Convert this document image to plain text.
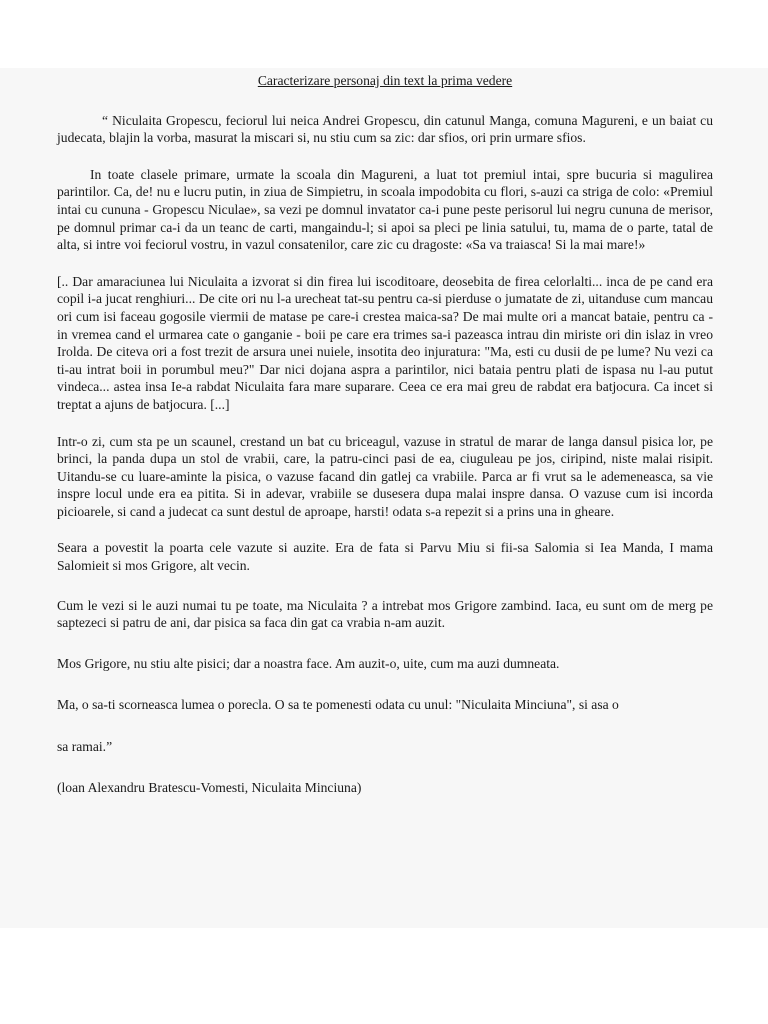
Caracterizare personaj din text la prima vedere

“ Niculaita Gropescu, feciorul lui neica Andrei Gropescu, din catunul Manga, comuna Magureni, e un baiat cu judecata, blajin la vorba, masurat la miscari si, nu stiu cum sa zic: dar sfios, ori prin urmare sfios.

In toate clasele primare, urmate la scoala din Magureni, a luat tot premiul intai, spre bucuria si magulirea parintilor. Ca, de! nu e lucru putin, in ziua de Simpietru, in scoala impodobita cu flori, s-auzi ca striga de colo: «Premiul intai cu cununa - Gropescu Niculae», sa vezi pe domnul invatator ca-i pune peste perisorul lui negru cununa de merisor, pe domnul primar ca-i da un teanc de carti, mangaindu-l; si apoi sa pleci pe linia satului, tu, mama de o parte, tatal de alta, si intre voi feciorul vostru, in vazul consatenilor, care zic cu dragoste: «Sa va traiasca! Si la mai mare!»

[.. Dar amaraciunea lui Niculaita a izvorat si din firea lui iscoditoare, deosebita de firea celorlalti... inca de pe cand era copil i-a jucat renghiuri... De cite ori nu l-a urecheat tat-su pentru ca-si pierduse o jumatate de zi, uitanduse cum mancau ori cum isi faceau gogosile viermii de matase pe care-i crestea maica-sa? De mai multe ori a mancat bataie, pentru ca - in vremea cand el urmarea cate o ganganie - boii pe care era trimes sa-i pazeasca intrau din miriste ori din islaz in vreo Irolda. De citeva ori a fost trezit de arsura unei nuiele, insotita deo injuratura: "Ma, esti cu dusii de pe lume? Nu vezi ca ti-au intrat boii in porumbul meu?" Dar nici dojana aspra a parintilor, nici bataia pentru plati de ispasa nu l-au putut vindeca... astea insa Ie-a rabdat Niculaita fara mare suparare. Ceea ce era mai greu de rabdat era batjocura. Ca incet si treptat a ajuns de batjocura. [...]

Intr-o zi, cum sta pe un scaunel, crestand un bat cu briceagul, vazuse in stratul de marar de langa dansul pisica lor, pe brinci, la panda dupa un stol de vrabii, care, la patru-cinci pasi de ea, ciuguleau pe jos, ciripind, niste malai risipit. Uitandu-se cu luare-aminte la pisica, o vazuse facand din gatlej ca vrabiile. Parca ar fi vrut sa le ademeneasca, sa vie inspre locul unde era ea pitita. Si in adevar, vrabiile se dusesera dupa malai inspre dansa. O vazuse cum isi incorda picioarele, si cand a judecat ca sunt destul de aproape, harsti! odata s-a repezit si a prins una in gheare.

Seara a povestit la poarta cele vazute si auzite. Era de fata si Parvu Miu si fii-sa Salomia si Iea Manda, I mama Salomieit si mos Grigore, alt vecin.

Cum le vezi si le auzi numai tu pe toate, ma Niculaita ? a intrebat mos Grigore zambind. Iaca, eu sunt om de merg pe saptezeci si patru de ani, dar pisica sa faca din gat ca vrabia n-am auzit.

Mos Grigore, nu stiu alte pisici; dar a noastra face. Am auzit-o, uite, cum ma auzi dumneata.

Ma, o sa-ti scorneasca lumea o porecla. O sa te pomenesti odata cu unul: "Niculaita Minciuna", si asa o

sa ramai.”

(loan Alexandru Bratescu-Vomesti, Niculaita Minciuna)
